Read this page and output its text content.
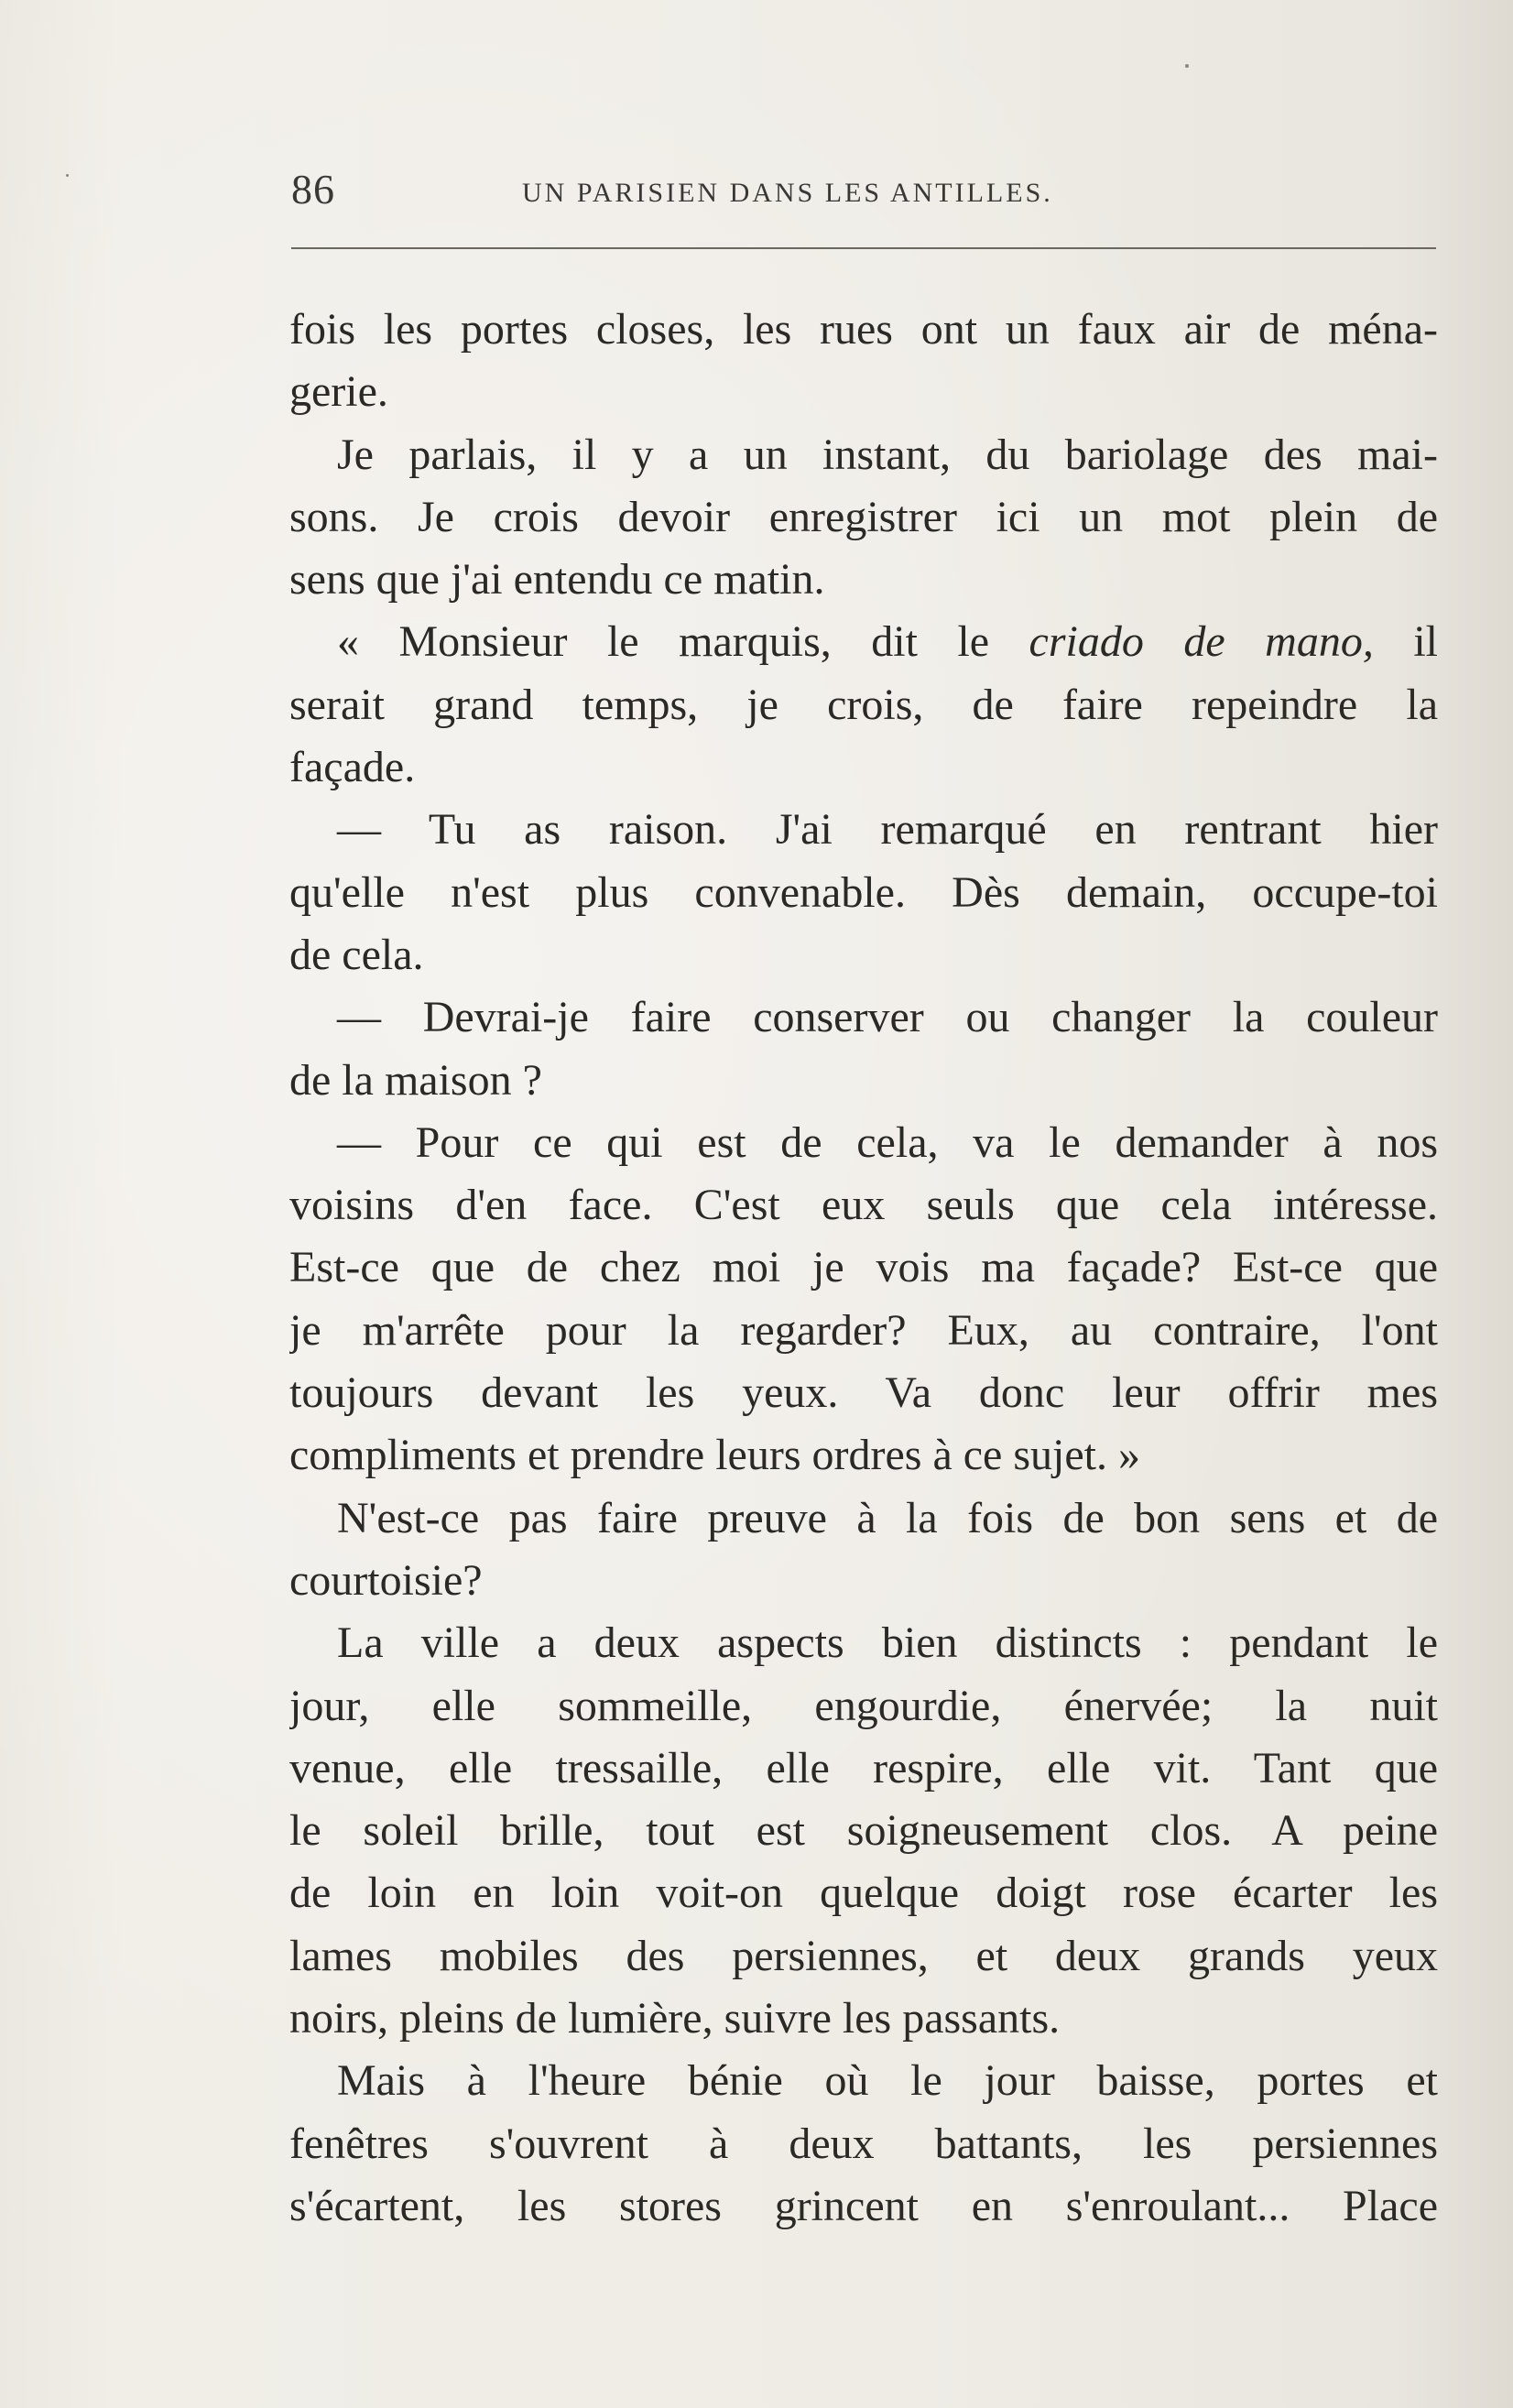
86	UN PARISIEN DANS LES ANTILLES.
fois les portes closes, les rues ont un faux air de ména-
gerie.
Je parlais, il y a un instant, du bariolage des mai-
sons. Je crois devoir enregistrer ici un mot plein de
sens que j'ai entendu ce matin.
« Monsieur le marquis, dit le criado de mano, il
serait grand temps, je crois, de faire repeindre la
façade.
— Tu as raison. J'ai remarqué en rentrant hier
qu'elle n'est plus convenable. Dès demain, occupe-toi
de cela.
— Devrai-je faire conserver ou changer la couleur
de la maison ?
— Pour ce qui est de cela, va le demander à nos
voisins d'en face. C'est eux seuls que cela intéresse.
Est-ce que de chez moi je vois ma façade? Est-ce que
je m'arrête pour la regarder? Eux, au contraire, l'ont
toujours devant les yeux. Va donc leur offrir mes
compliments et prendre leurs ordres à ce sujet. »
N'est-ce pas faire preuve à la fois de bon sens et de
courtoisie?
La ville a deux aspects bien distincts : pendant le
jour, elle sommeille, engourdie, énervée; la nuit
venue, elle tressaille, elle respire, elle vit. Tant que
le soleil brille, tout est soigneusement clos. A peine
de loin en loin voit-on quelque doigt rose écarter les
lames mobiles des persiennes, et deux grands yeux
noirs, pleins de lumière, suivre les passants.
Mais à l'heure bénie où le jour baisse, portes et
fenêtres s'ouvrent à deux battants, les persiennes
s'écartent, les stores grincent en s'enroulant... Place
